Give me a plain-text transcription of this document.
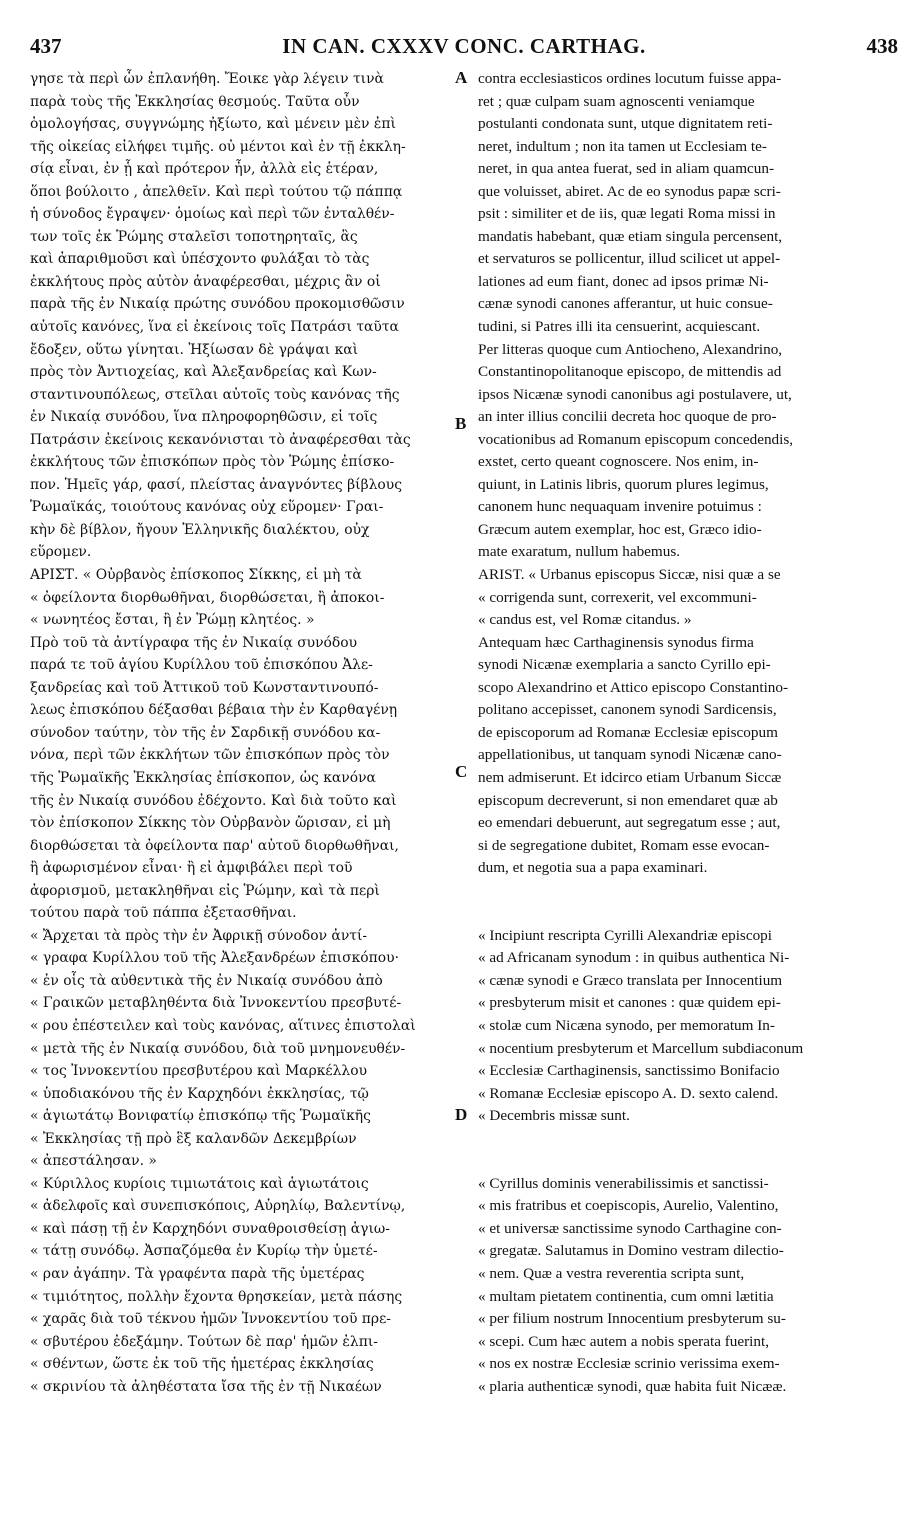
437	IN CAN. CXXXV CONC. CARTHAG.	438
γησε τὰ περὶ ὧν ἐπλανήθη. Ἔοικε γὰρ λέγειν τινὰ
παρὰ τοὺς τῆς Ἐκκλησίας θεσμούς. Ταῦτα οὖν
ὁμολογήσας, συγγνώμης ἠξίωτο, καὶ μένειν μὲν ἐπὶ
τῆς οἰκείας εἰλήφει τιμῆς. οὐ μέντοι καὶ ἐν τῇ ἐκκλη-
σίᾳ εἶναι, ἐν ᾗ καὶ πρότερον ἦν, ἀλλὰ εἰς ἑτέραν,
ὅποι βούλοιτο , ἀπελθεῖν. Καὶ περὶ τούτου τῷ πάππᾳ
ἡ σύνοδος ἔγραψεν· ὁμοίως καὶ περὶ τῶν ἐνταλθέν-
των τοῖς ἐκ Ῥώμης σταλεῖσι τοποτηρηταῖς, ἃς
καὶ ἀπαριθμοῦσι καὶ ὑπέσχοντο φυλάξαι τὸ τὰς
ἐκκλήτους πρὸς αὐτὸν ἀναφέρεσθαι, μέχρις ἂν οἱ
παρὰ τῆς ἐν Νικαίᾳ πρώτης συνόδου προκομισθῶσιν
αὐτοῖς κανόνες, ἵνα εἰ ἐκείνοις τοῖς Πατράσι ταῦτα
ἔδοξεν, οὕτω γίνηται. Ἠξίωσαν δὲ γράψαι καὶ
πρὸς τὸν Ἀντιοχείας, καὶ Ἀλεξανδρείας καὶ Κων-
σταντινουπόλεως, στεῖλαι αὐτοῖς τοὺς κανόνας τῆς
ἐν Νικαίᾳ συνόδου, ἵνα πληροφορηθῶσιν, εἰ τοῖς
Πατράσιν ἐκείνοις κεκανόνισται τὸ ἀναφέρεσθαι τὰς
ἐκκλήτους τῶν ἐπισκόπων πρὸς τὸν Ῥώμης ἐπίσκο-
πον. Ἡμεῖς γάρ, φασί, πλείστας ἀναγνόντες βίβλους
Ῥωμαϊκάς, τοιούτους κανόνας οὐχ εὕρομεν· Γραι-
κὴν δὲ βίβλον, ἤγουν Ἑλληνικῆς διαλέκτου, οὐχ
εὕρομεν.
ΑΡΙΣΤ. « Οὐρβανὸς ἐπίσκοπος Σίκκης, εἰ μὴ τὰ
« ὀφείλοντα διορθωθῆναι, διορθώσεται, ἢ ἀποκοι-
« νωνητέος ἔσται, ἢ ἐν Ῥώμῃ κλητέος. »
Πρὸ τοῦ τὰ ἀντίγραφα τῆς ἐν Νικαίᾳ συνόδου
παρά τε τοῦ ἁγίου Κυρίλλου τοῦ ἐπισκόπου Ἀλε-
ξανδρείας καὶ τοῦ Ἀττικοῦ τοῦ Κωνσταντινουπό-
λεως ἐπισκόπου δέξασθαι βέβαια τὴν ἐν Καρθαγένῃ
σύνοδον ταύτην, τὸν τῆς ἐν Σαρδικῇ συνόδου κα-
νόνα, περὶ τῶν ἐκκλήτων τῶν ἐπισκόπων πρὸς τὸν
τῆς Ῥωμαϊκῆς Ἐκκλησίας ἐπίσκοπον, ὡς κανόνα
τῆς ἐν Νικαίᾳ συνόδου ἐδέχοντο. Καὶ διὰ τοῦτο καὶ
τὸν ἐπίσκοπον Σίκκης τὸν Οὐρβανὸν ὥρισαν, εἰ μὴ
διορθώσεται τὰ ὀφείλοντα παρ' αὐτοῦ διορθωθῆναι,
ἢ ἀφωρισμένον εἶναι· ἢ εἰ ἀμφιβάλει περὶ τοῦ
ἀφορισμοῦ, μετακληθῆναι εἰς Ῥώμην, καὶ τὰ περὶ
τούτου παρὰ τοῦ πάππα ἐξετασθῆναι.
« Ἄρχεται τὰ πρὸς τὴν ἐν Ἀφρικῇ σύνοδον ἀντί-
« γραφα Κυρίλλου τοῦ τῆς Ἀλεξανδρέων ἐπισκόπου·
« ἐν οἷς τὰ αὐθεντικὰ τῆς ἐν Νικαίᾳ συνόδου ἀπὸ
« Γραικῶν μεταβληθέντα διὰ Ἰννοκεντίου πρεσβυτέ-
« ρου ἐπέστειλεν καὶ τοὺς κανόνας, αἵτινες ἐπιστολαὶ
« μετὰ τῆς ἐν Νικαίᾳ συνόδου, διὰ τοῦ μνημονευθέν-
« τος Ἰννοκεντίου πρεσβυτέρου καὶ Μαρκέλλου
« ὑποδιακόνου τῆς ἐν Καρχηδόνι ἐκκλησίας, τῷ
« ἁγιωτάτῳ Βονιφατίῳ ἐπισκόπῳ τῆς Ῥωμαϊκῆς
« Ἐκκλησίας τῇ πρὸ ἓξ καλανδῶν Δεκεμβρίων
« ἀπεστάλησαν. »
« Κύριλλος κυρίοις τιμιωτάτοις καὶ ἁγιωτάτοις
« ἀδελφοῖς καὶ συνεπισκόποις, Αὐρηλίῳ, Βαλεντίνῳ,
« καὶ πάσῃ τῇ ἐν Καρχηδόνι συναθροισθείσῃ ἁγιω-
« τάτῃ συνόδῳ. Ἀσπαζόμεθα ἐν Κυρίῳ τὴν ὑμετέ-
« ραν ἀγάπην. Τὰ γραφέντα παρὰ τῆς ὑμετέρας
« τιμιότητος, πολλὴν ἔχοντα θρησκείαν, μετὰ πάσης
« χαρᾶς διὰ τοῦ τέκνου ἡμῶν Ἰννοκεντίου τοῦ πρε-
« σβυτέρου ἐδεξάμην. Τούτων δὲ παρ' ἡμῶν ἐλπι-
« σθέντων, ὥστε ἐκ τοῦ τῆς ἡμετέρας ἐκκλησίας
« σκρινίου τὰ ἀληθέστατα ἴσα τῆς ἐν τῇ Νικαέων
A
B
C
D
contra ecclesiasticos ordines locutum fuisse appa-
ret ; quæ culpam suam agnoscenti veniamque
postulanti condonata sunt, utque dignitatem reti-
neret, indultum ; non ita tamen ut Ecclesiam te-
neret, in qua antea fuerat, sed in aliam quamcun-
que voluisset, abiret. Ac de eo synodus papæ scri-
psit : similiter et de iis, quæ legati Roma missi in
mandatis habebant, quæ etiam singula percensent,
et servaturos se pollicentur, illud scilicet ut appel-
lationes ad eum fiant, donec ad ipsos primæ Ni-
cænæ synodi canones afferantur, ut huic consue-
tudini, si Patres illi ita censuerint, acquiescant.
Per litteras quoque cum Antiocheno, Alexandrino,
Constantinopolitanoque episcopo, de mittendis ad
ipsos Nicænæ synodi canonibus agi postulavere, ut,
an inter illius concilii decreta hoc quoque de pro-
vocationibus ad Romanum episcopum concedendis,
exstet, certo queant cognoscere. Nos enim, in-
quiunt, in Latinis libris, quorum plures legimus,
canonem hunc nequaquam invenire potuimus :
Græcum autem exemplar, hoc est, Græco idio-
mate exaratum, nullum habemus.
ARIST. « Urbanus episcopus Siccæ, nisi quæ a se
« corrigenda sunt, correxerit, vel excommuni-
« candus est, vel Romæ citandus. »
Antequam hæc Carthaginensis synodus firma
synodi Nicænæ exemplaria a sancto Cyrillo epi-
scopo Alexandrino et Attico episcopo Constantino-
politano accepisset, canonem synodi Sardicensis,
de episcoporum ad Romanæ Ecclesiæ episcopum
appellationibus, ut tanquam synodi Nicænæ cano-
nem admiserunt. Et idcirco etiam Urbanum Siccæ
episcopum decreverunt, si non emendaret quæ ab
eo emendari debuerunt, aut segregatum esse ; aut,
si de segregatione dubitet, Romam esse evocan-
dum, et negotia sua a papa examinari.
« Incipiunt rescripta Cyrilli Alexandriæ episcopi
« ad Africanam synodum : in quibus authentica Ni-
« cænæ synodi e Græco translata per Innocentium
« presbyterum misit et canones : quæ quidem epi-
« stolæ cum Nicæna synodo, per memoratum In-
« nocentium presbyterum et Marcellum subdiaconum
« Ecclesiæ Carthaginensis, sanctissimo Bonifacio
« Romanæ Ecclesiæ episcopo A. D. sexto calend.
« Decembris missæ sunt.
« Cyrillus dominis venerabilissimis et sanctissi-
« mis fratribus et coepiscopis, Aurelio, Valentino,
« et universæ sanctissime synodo Carthagine con-
« gregatæ. Salutamus in Domino vestram dilectio-
« nem. Quæ a vestra reverentia scripta sunt,
« multam pietatem continentia, cum omni lætitia
« per filium nostrum Innocentium presbyterum su-
« scepi. Cum hæc autem a nobis sperata fuerint,
« nos ex nostræ Ecclesiæ scrinio verissima exem-
« plaria authenticæ synodi, quæ habita fuit Nicææ.
